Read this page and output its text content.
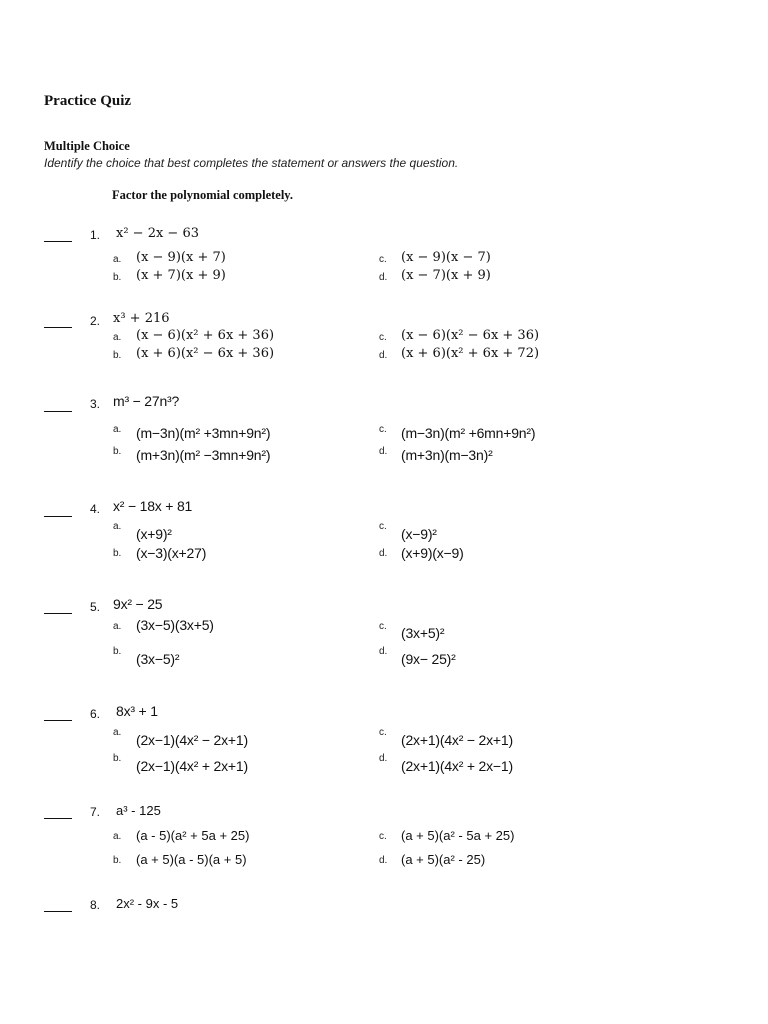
Practice Quiz
Multiple Choice
Identify the choice that best completes the statement or answers the question.
Factor the polynomial completely.
1. x² − 2x − 63
a. (x − 9)(x + 7)
b. (x + 7)(x + 9)
c. (x − 9)(x − 7)
d. (x − 7)(x + 9)
2. x³ + 216
a. (x − 6)(x² + 6x + 36)
b. (x + 6)(x² − 6x + 36)
c. (x − 6)(x² − 6x + 36)
d. (x + 6)(x² + 6x + 72)
3. m³ − 27n³?
a. (m−3n)(m² +3mn+9n²)
b. (m+3n)(m² −3mn+9n²)
c. (m−3n)(m² +6mn+9n²)
d. (m+3n)(m−3n)²
4. x² − 18x + 81
a. (x+9)²
b. (x−3)(x+27)
c. (x−9)²
d. (x+9)(x−9)
5. 9x² − 25
a. (3x−5)(3x+5)
b. (3x−5)²
c. (3x+5)²
d. (9x− 25)²
6. 8x³ + 1
a. (2x−1)(4x² − 2x+1)
b. (2x−1)(4x² + 2x+1)
c. (2x+1)(4x² − 2x+1)
d. (2x+1)(4x² + 2x−1)
7. a³ - 125
a. (a - 5)(a² + 5a + 25)
b. (a + 5)(a - 5)(a + 5)
c. (a + 5)(a² - 5a + 25)
d. (a + 5)(a² - 25)
8. 2x² - 9x - 5
